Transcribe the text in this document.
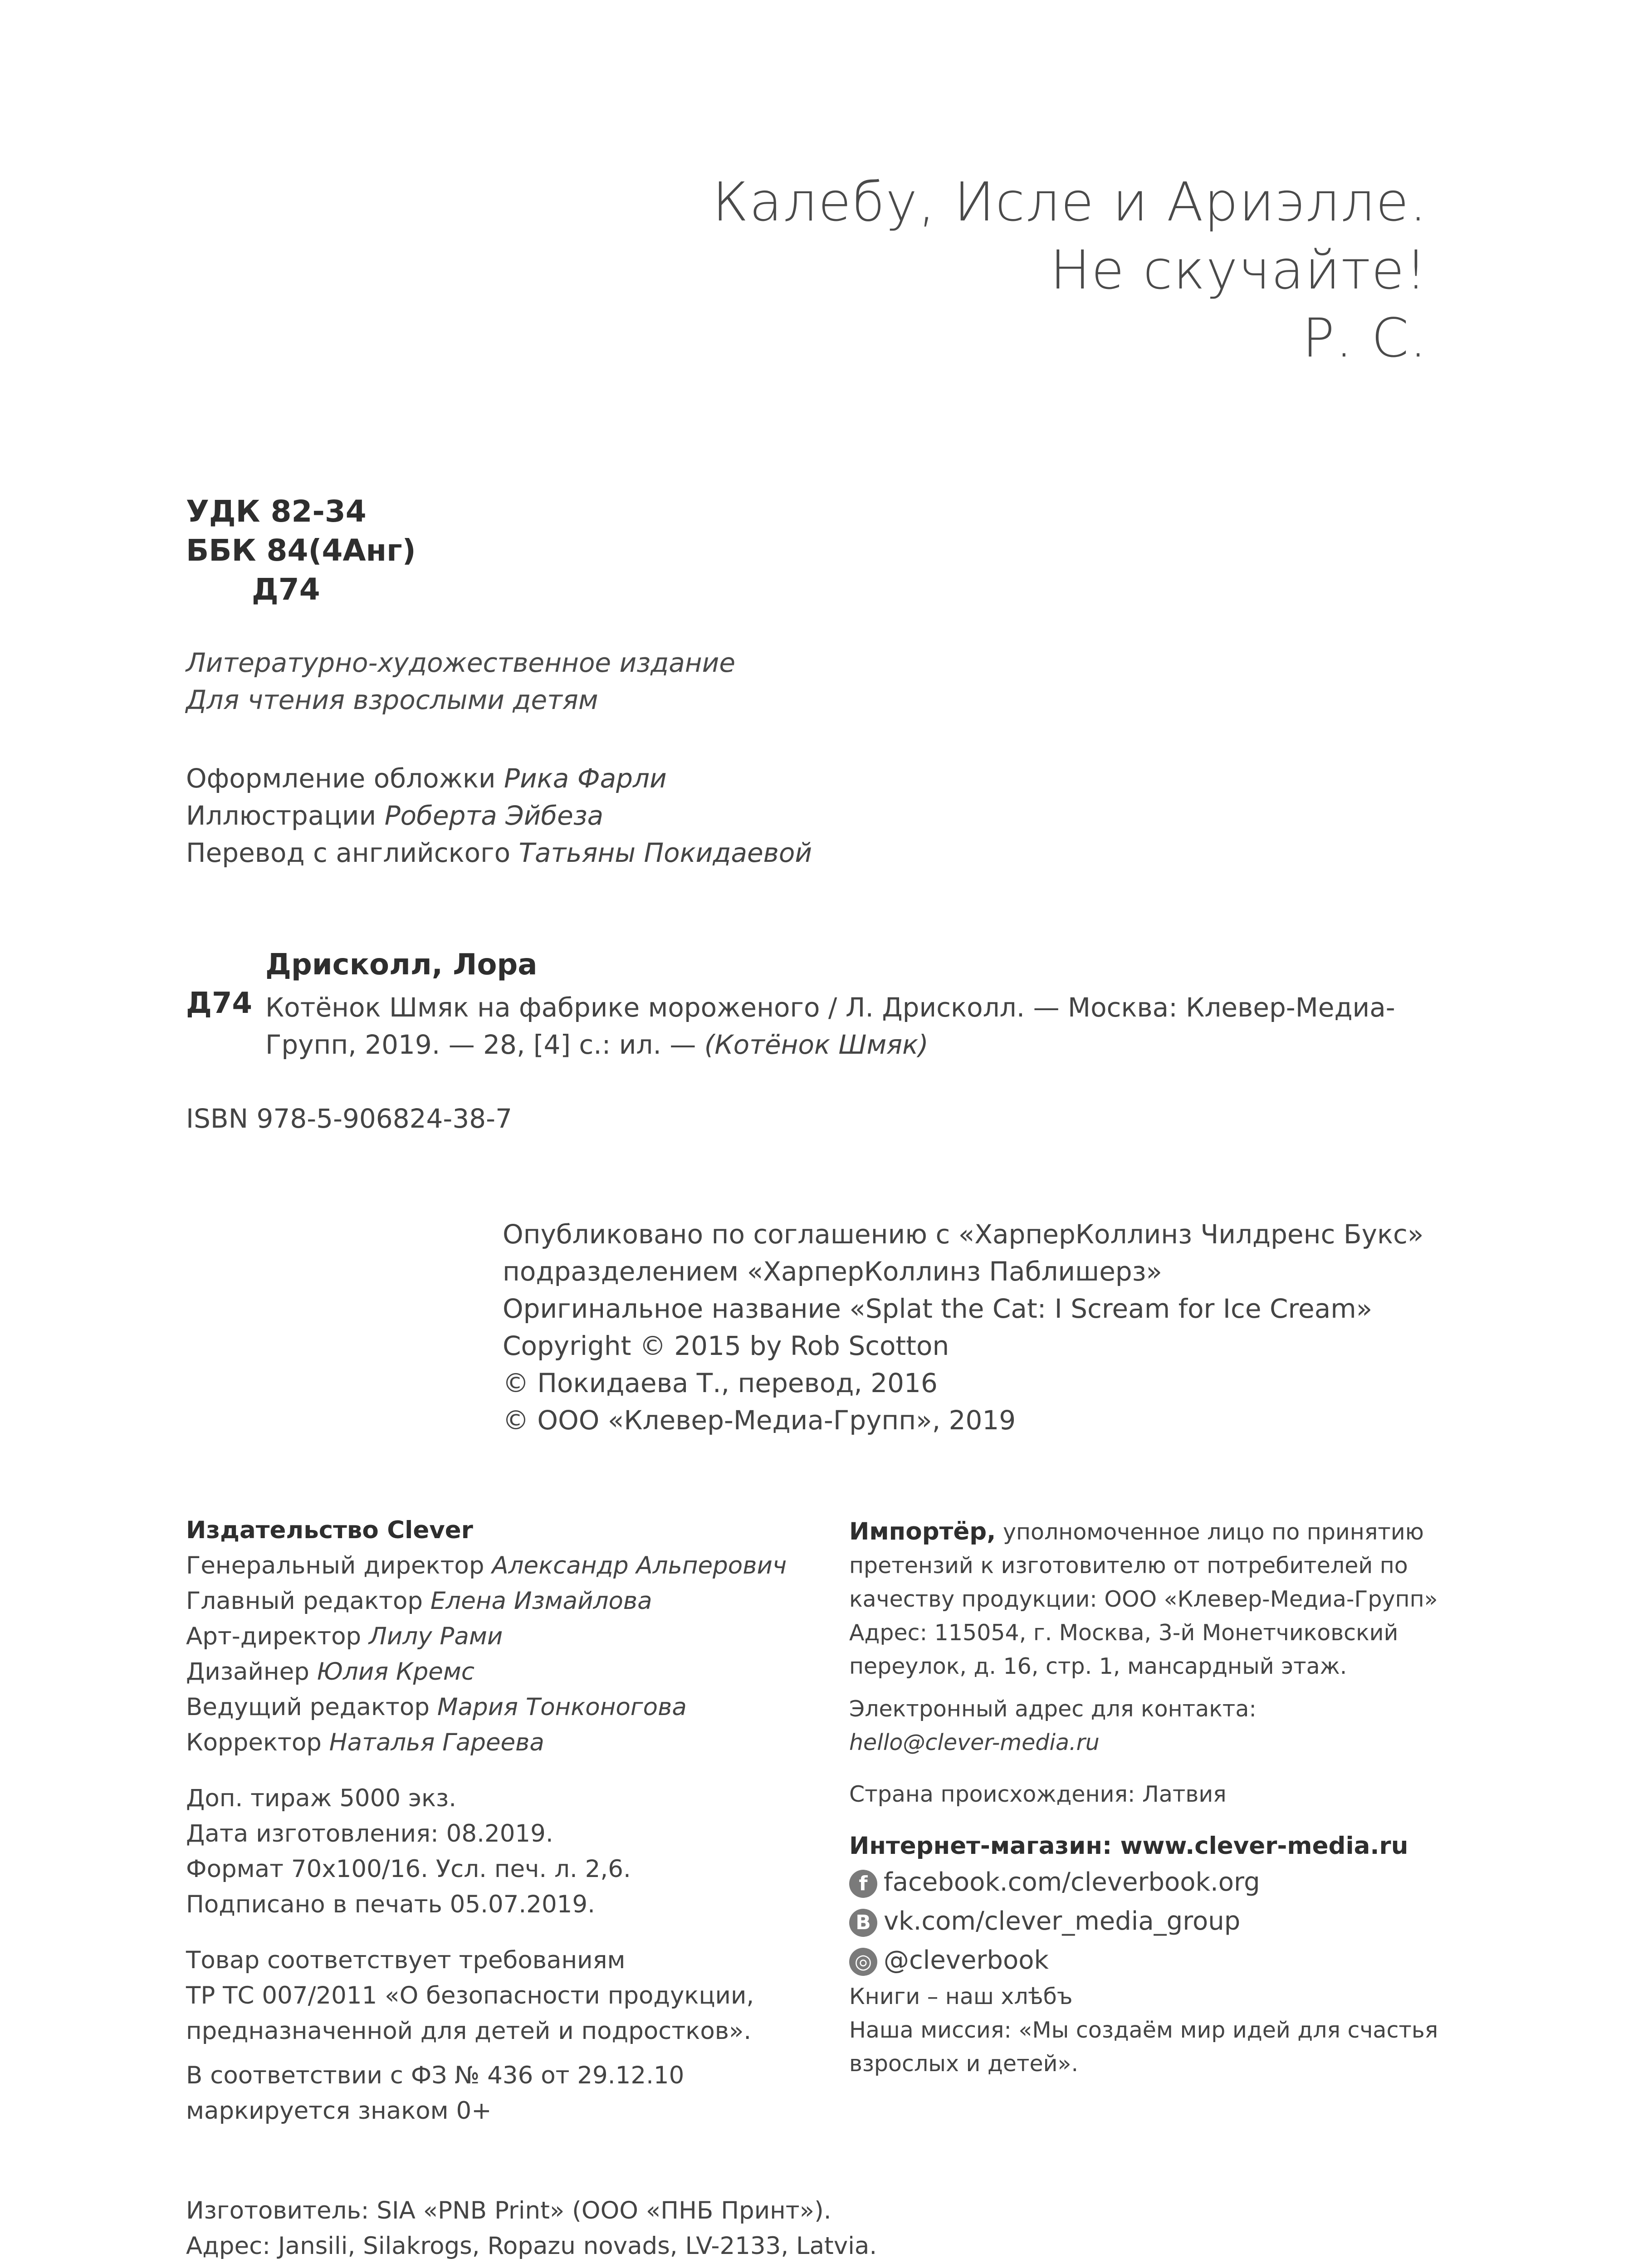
Калебу, Исле и Ариэлле.
Не скучайте!
Р. С.
УДК 82-34
ББК 84(4Анг)
Д74
Литературно-художественное издание
Для чтения взрослыми детям
Оформление обложки Рика Фарли
Иллюстрации Роберта Эйбеза
Перевод с английского Татьяны Покидаевой
Дрисколл, Лора
Д74 Котёнок Шмяк на фабрике мороженого / Л. Дрисколл. — Москва: Клевер-Медиа-
Групп, 2019. — 28, [4] с.: ил. — (Котёнок Шмяк)
ISBN 978-5-906824-38-7
Опубликовано по соглашению с «ХарперКоллинз Чилдренс Букс»
подразделением «ХарперКоллинз Паблишерз»
Оригинальное название «Splat the Cat: I Scream for Ice Cream»
Copyright © 2015 by Rob Scotton
© Покидаева Т., перевод, 2016
© ООО «Клевер-Медиа-Групп», 2019
Издательство Clever
Генеральный директор Александр Альперович
Главный редактор Елена Измайлова
Арт-директор Лилу Рами
Дизайнер Юлия Кремс
Ведущий редактор Мария Тонконогова
Корректор Наталья Гареева
Доп. тираж 5000 экз.
Дата изготовления: 08.2019.
Формат 70x100/16. Усл. печ. л. 2,6.
Подписано в печать 05.07.2019.
Товар соответствует требованиям
ТР ТС 007/2011 «О безопасности продукции,
предназначенной для детей и подростков».
В соответствии с ФЗ № 436 от 29.12.10
маркируется знаком 0+
Импортёр, уполномоченное лицо по принятию
претензий к изготовителю от потребителей по
качеству продукции: ООО «Клевер-Медиа-Групп»
Адрес: 115054, г. Москва, 3-й Монетчиковский
переулок, д. 16, стр. 1, мансардный этаж.
Электронный адрес для контакта:
hello@clever-media.ru
Страна происхождения: Латвия
Интернет-магазин: www.clever-media.ru
f facebook.com/cleverbook.org
B vk.com/clever_media_group
◎ @cleverbook
Книги – наш хлѣбъ
Наша миссия: «Мы создаём мир идей для счастья
взрослых и детей».
Изготовитель: SIA «PNB Print» (ООО «ПНБ Принт»).
Адрес: Jansili, Silakrogs, Ropazu novads, LV-2133, Latvia.
